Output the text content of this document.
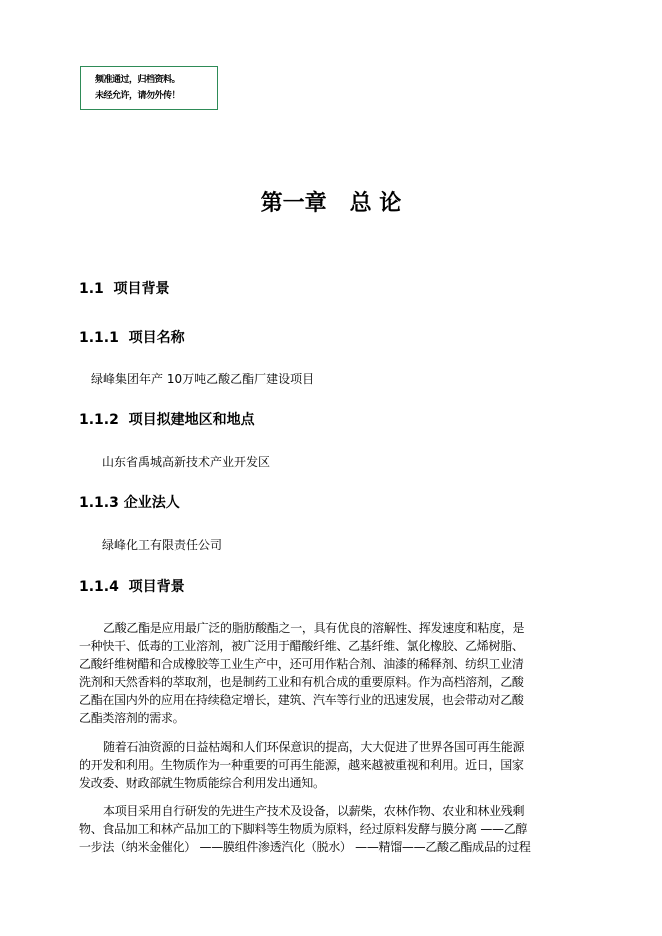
频准通过，归档资料。
未经允许，请勿外传！
第一章   总 论
1.1  项目背景
1.1.1  项目名称
绿峰集团年产 10万吨乙酸乙酯厂建设项目
1.1.2  项目拟建地区和地点
山东省禹城高新技术产业开发区
1.1.3 企业法人
绿峰化工有限责任公司
1.1.4  项目背景
乙酸乙酯是应用最广泛的脂肪酸酯之一，具有优良的溶解性、挥发速度和粘度，是
一种快干、低毒的工业溶剂，被广泛用于醋酸纤维、乙基纤维、氯化橡胶、乙烯树脂、
乙酸纤维树醋和合成橡胶等工业生产中，还可用作粘合剂、油漆的稀释剂、纺织工业清
洗剂和天然香料的萃取剂，也是制药工业和有机合成的重要原料。作为高档溶剂，乙酸
乙酯在国内外的应用在持续稳定增长，建筑、汽车等行业的迅速发展，也会带动对乙酸
乙酯类溶剂的需求。
随着石油资源的日益枯竭和人们环保意识的提高，大大促进了世界各国可再生能源
的开发和利用。生物质作为一种重要的可再生能源，越来越被重视和利用。近日，国家
发改委、财政部就生物质能综合利用发出通知。
本项目采用自行研发的先进生产技术及设备，以薪柴，农林作物、农业和林业残剩
物、食品加工和林产品加工的下脚料等生物质为原料，经过原料发酵与膜分离 ——乙醇
一步法（纳米金催化） ——膜组件渗透汽化（脱水） ——精馏——乙酸乙酯成品的过程
